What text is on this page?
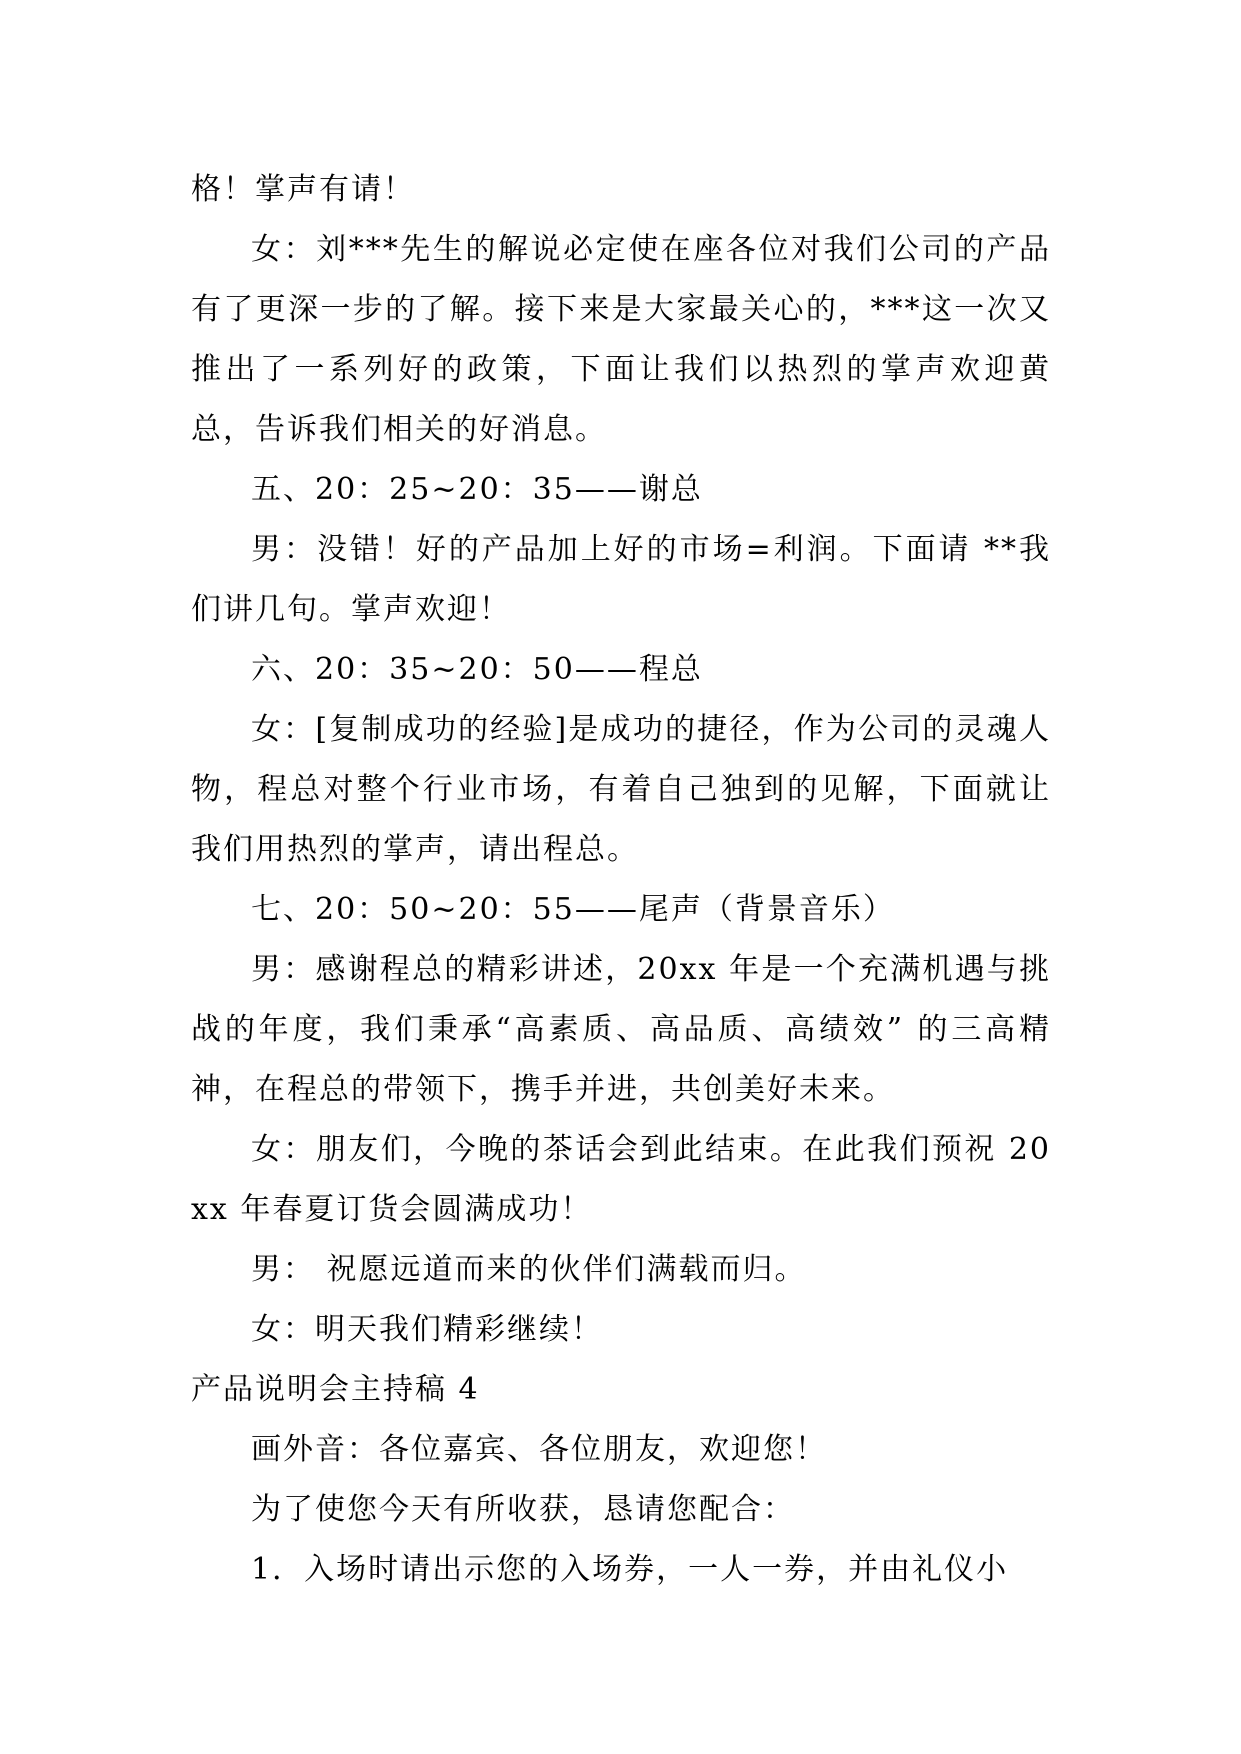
格！掌声有请！

女：刘***先生的解说必定使在座各位对我们公司的产品有了更深一步的了解。接下来是大家最关心的，***这一次又推出了一系列好的政策，下面让我们以热烈的掌声欢迎黄总，告诉我们相关的好消息。

五、20：25~20：35——谢总

男：没错！好的产品加上好的市场=利润。下面请 **我们讲几句。掌声欢迎！

六、20：35~20：50——程总

女：[复制成功的经验]是成功的捷径，作为公司的灵魂人物，程总对整个行业市场，有着自己独到的见解，下面就让我们用热烈的掌声，请出程总。

七、20：50~20：55——尾声（背景音乐）

男：感谢程总的精彩讲述，20xx 年是一个充满机遇与挑战的年度，我们秉承“高素质、高品质、高绩效” 的三高精神，在程总的带领下，携手并进，共创美好未来。

女：朋友们，今晚的茶话会到此结束。在此我们预祝 20xx 年春夏订货会圆满成功！

男： 祝愿远道而来的伙伴们满载而归。

女：明天我们精彩继续！

产品说明会主持稿 4

画外音：各位嘉宾、各位朋友，欢迎您！

为了使您今天有所收获，恳请您配合：

1．入场时请出示您的入场券，一人一券，并由礼仪小
